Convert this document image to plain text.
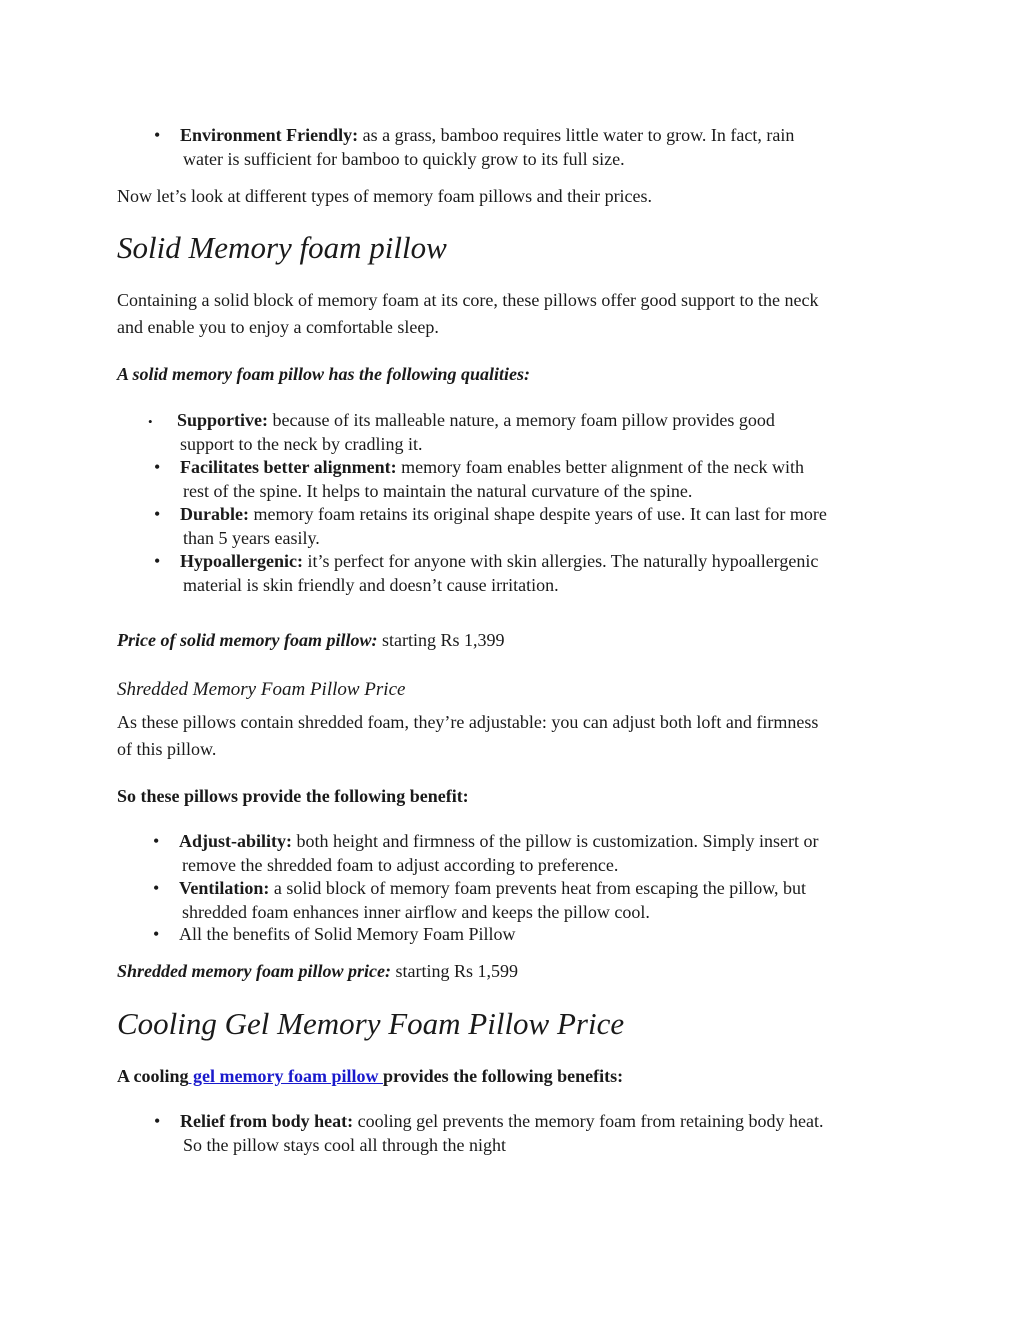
• Environment Friendly: as a grass, bamboo requires little water to grow. In fact, rain
water is sufficient for bamboo to quickly grow to its full size.
Now let’s look at different types of memory foam pillows and their prices.
Solid Memory foam pillow
Containing a solid block of memory foam at its core, these pillows offer good support to the neck
and enable you to enjoy a comfortable sleep.
A solid memory foam pillow has the following qualities:
• Supportive: because of its malleable nature, a memory foam pillow provides good
support to the neck by cradling it.
• Facilitates better alignment: memory foam enables better alignment of the neck with
rest of the spine. It helps to maintain the natural curvature of the spine.
• Durable: memory foam retains its original shape despite years of use. It can last for more
than 5 years easily.
• Hypoallergenic: it’s perfect for anyone with skin allergies. The naturally hypoallergenic
material is skin friendly and doesn’t cause irritation.
Price of solid memory foam pillow: starting Rs 1,399
Shredded Memory Foam Pillow Price
As these pillows contain shredded foam, they’re adjustable: you can adjust both loft and firmness
of this pillow.
So these pillows provide the following benefit:
• Adjust-ability: both height and firmness of the pillow is customization. Simply insert or
remove the shredded foam to adjust according to preference.
• Ventilation: a solid block of memory foam prevents heat from escaping the pillow, but
shredded foam enhances inner airflow and keeps the pillow cool.
• All the benefits of Solid Memory Foam Pillow
Shredded memory foam pillow price: starting Rs 1,599
Cooling Gel Memory Foam Pillow Price
A cooling gel memory foam pillow provides the following benefits:
• Relief from body heat: cooling gel prevents the memory foam from retaining body heat.
So the pillow stays cool all through the night
